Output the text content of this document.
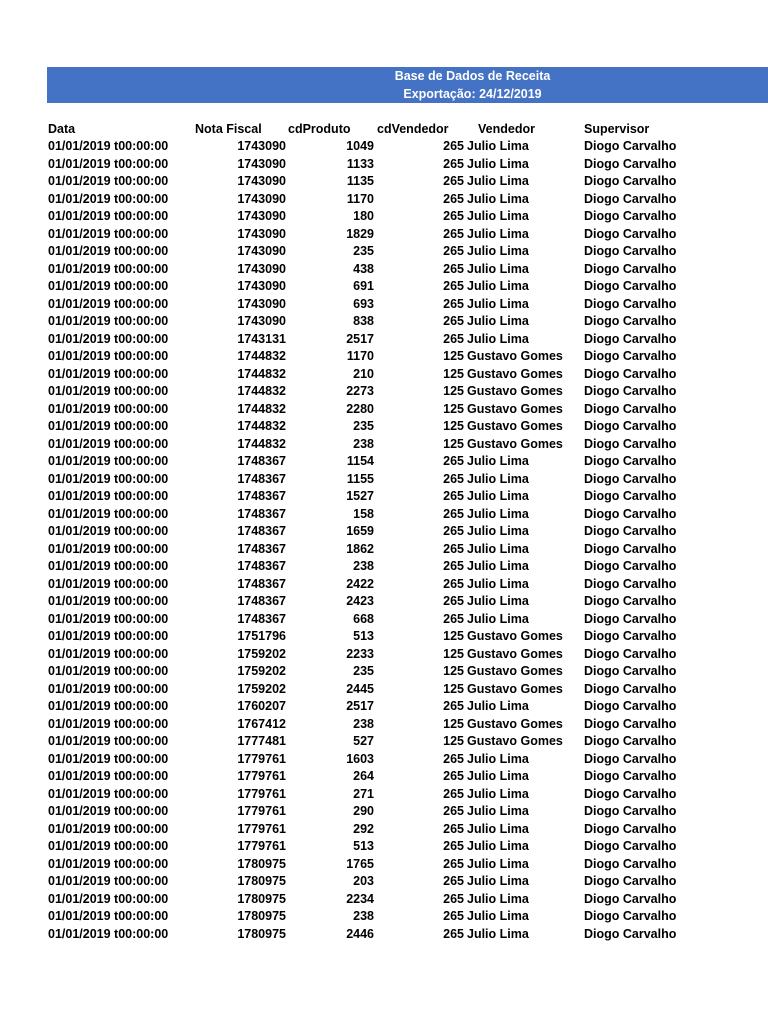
Base de Dados de Receita
Exportação: 24/12/2019
Data	Nota Fiscal	cdProduto	cdVendedor	Vendedor	Supervisor
01/01/2019 t00:00:00	1743090	1049	265 Julio Lima	Diogo Carvalho
01/01/2019 t00:00:00	1743090	1133	265 Julio Lima	Diogo Carvalho
01/01/2019 t00:00:00	1743090	1135	265 Julio Lima	Diogo Carvalho
01/01/2019 t00:00:00	1743090	1170	265 Julio Lima	Diogo Carvalho
01/01/2019 t00:00:00	1743090	180	265 Julio Lima	Diogo Carvalho
01/01/2019 t00:00:00	1743090	1829	265 Julio Lima	Diogo Carvalho
01/01/2019 t00:00:00	1743090	235	265 Julio Lima	Diogo Carvalho
01/01/2019 t00:00:00	1743090	438	265 Julio Lima	Diogo Carvalho
01/01/2019 t00:00:00	1743090	691	265 Julio Lima	Diogo Carvalho
01/01/2019 t00:00:00	1743090	693	265 Julio Lima	Diogo Carvalho
01/01/2019 t00:00:00	1743090	838	265 Julio Lima	Diogo Carvalho
01/01/2019 t00:00:00	1743131	2517	265 Julio Lima	Diogo Carvalho
01/01/2019 t00:00:00	1744832	1170	125 Gustavo Gomes	Diogo Carvalho
01/01/2019 t00:00:00	1744832	210	125 Gustavo Gomes	Diogo Carvalho
01/01/2019 t00:00:00	1744832	2273	125 Gustavo Gomes	Diogo Carvalho
01/01/2019 t00:00:00	1744832	2280	125 Gustavo Gomes	Diogo Carvalho
01/01/2019 t00:00:00	1744832	235	125 Gustavo Gomes	Diogo Carvalho
01/01/2019 t00:00:00	1744832	238	125 Gustavo Gomes	Diogo Carvalho
01/01/2019 t00:00:00	1748367	1154	265 Julio Lima	Diogo Carvalho
01/01/2019 t00:00:00	1748367	1155	265 Julio Lima	Diogo Carvalho
01/01/2019 t00:00:00	1748367	1527	265 Julio Lima	Diogo Carvalho
01/01/2019 t00:00:00	1748367	158	265 Julio Lima	Diogo Carvalho
01/01/2019 t00:00:00	1748367	1659	265 Julio Lima	Diogo Carvalho
01/01/2019 t00:00:00	1748367	1862	265 Julio Lima	Diogo Carvalho
01/01/2019 t00:00:00	1748367	238	265 Julio Lima	Diogo Carvalho
01/01/2019 t00:00:00	1748367	2422	265 Julio Lima	Diogo Carvalho
01/01/2019 t00:00:00	1748367	2423	265 Julio Lima	Diogo Carvalho
01/01/2019 t00:00:00	1748367	668	265 Julio Lima	Diogo Carvalho
01/01/2019 t00:00:00	1751796	513	125 Gustavo Gomes	Diogo Carvalho
01/01/2019 t00:00:00	1759202	2233	125 Gustavo Gomes	Diogo Carvalho
01/01/2019 t00:00:00	1759202	235	125 Gustavo Gomes	Diogo Carvalho
01/01/2019 t00:00:00	1759202	2445	125 Gustavo Gomes	Diogo Carvalho
01/01/2019 t00:00:00	1760207	2517	265 Julio Lima	Diogo Carvalho
01/01/2019 t00:00:00	1767412	238	125 Gustavo Gomes	Diogo Carvalho
01/01/2019 t00:00:00	1777481	527	125 Gustavo Gomes	Diogo Carvalho
01/01/2019 t00:00:00	1779761	1603	265 Julio Lima	Diogo Carvalho
01/01/2019 t00:00:00	1779761	264	265 Julio Lima	Diogo Carvalho
01/01/2019 t00:00:00	1779761	271	265 Julio Lima	Diogo Carvalho
01/01/2019 t00:00:00	1779761	290	265 Julio Lima	Diogo Carvalho
01/01/2019 t00:00:00	1779761	292	265 Julio Lima	Diogo Carvalho
01/01/2019 t00:00:00	1779761	513	265 Julio Lima	Diogo Carvalho
01/01/2019 t00:00:00	1780975	1765	265 Julio Lima	Diogo Carvalho
01/01/2019 t00:00:00	1780975	203	265 Julio Lima	Diogo Carvalho
01/01/2019 t00:00:00	1780975	2234	265 Julio Lima	Diogo Carvalho
01/01/2019 t00:00:00	1780975	238	265 Julio Lima	Diogo Carvalho
01/01/2019 t00:00:00	1780975	2446	265 Julio Lima	Diogo Carvalho
